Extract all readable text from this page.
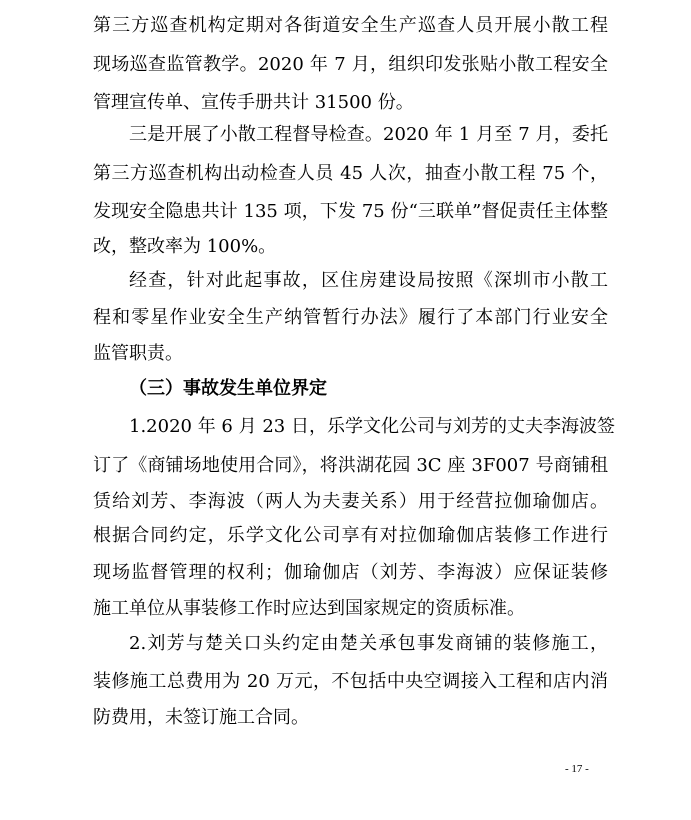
第三方巡查机构定期对各街道安全生产巡查人员开展小散工程
现场巡查监管教学。2020 年 7 月，组织印发张贴小散工程安全
管理宣传单、宣传手册共计 31500 份。
三是开展了小散工程督导检查。2020 年 1 月至 7 月，委托
第三方巡查机构出动检查人员 45 人次，抽查小散工程 75 个，
发现安全隐患共计 135 项，下发 75 份“三联单”督促责任主体整
改，整改率为 100%。
经查，针对此起事故，区住房建设局按照《深圳市小散工
程和零星作业安全生产纳管暂行办法》履行了本部门行业安全
监管职责。
（三）事故发生单位界定
1.2020 年 6 月 23 日，乐学文化公司与刘芳的丈夫李海波签
订了《商铺场地使用合同》，将洪湖花园 3C 座 3F007 号商铺租
赁给刘芳、李海波（两人为夫妻关系）用于经营拉伽瑜伽店。
根据合同约定，乐学文化公司享有对拉伽瑜伽店装修工作进行
现场监督管理的权利；伽瑜伽店（刘芳、李海波）应保证装修
施工单位从事装修工作时应达到国家规定的资质标准。
2.刘芳与楚关口头约定由楚关承包事发商铺的装修施工，
装修施工总费用为 20 万元，不包括中央空调接入工程和店内消
防费用，未签订施工合同。
- 17 -
